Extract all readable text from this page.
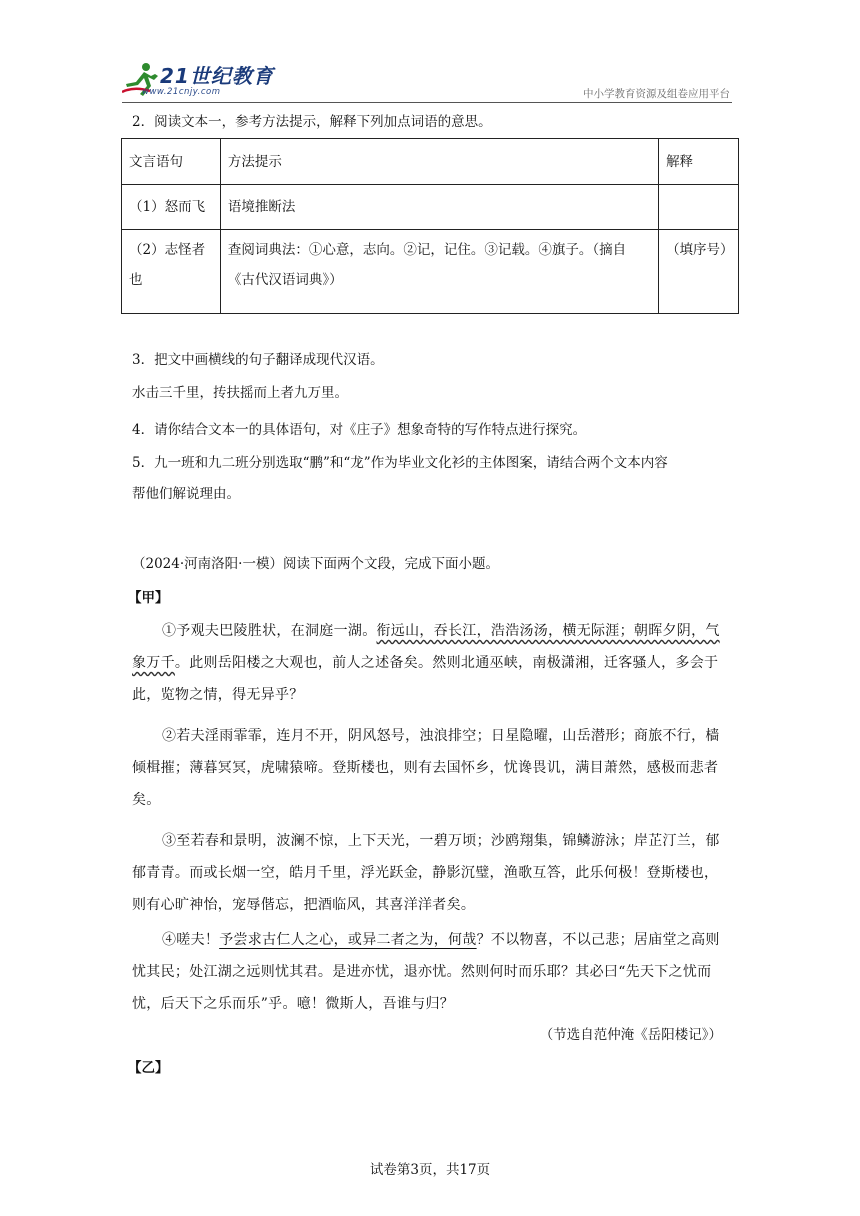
21世纪教育
www.21cnjy.com	中小学教育资源及组卷应用平台
2．阅读文本一，参考方法提示，解释下列加点词语的意思。
文言语句	方法提示	解释
（1）怒而飞	语境推断法	
（2）志怪者也	查阅词典法：①心意，志向。②记，记住。③记载。④旗子。（摘自《古代汉语词典》）	（填序号）
3．把文中画横线的句子翻译成现代汉语。
水击三千里，抟扶摇而上者九万里。
4．请你结合文本一的具体语句，对《庄子》想象奇特的写作特点进行探究。
5．九一班和九二班分别选取“鹏”和“龙”作为毕业文化衫的主体图案，请结合两个文本内容
帮他们解说理由。
（2024·河南洛阳·一模）阅读下面两个文段，完成下面小题。
【甲】
①予观夫巴陵胜状，在洞庭一湖。衔远山，吞长江，浩浩汤汤，横无际涯；朝晖夕阴，气象万千。此则岳阳楼之大观也，前人之述备矣。然则北通巫峡，南极潇湘，迁客骚人，多会于此，览物之情，得无异乎？
②若夫淫雨霏霏，连月不开，阴风怒号，浊浪排空；日星隐曜，山岳潜形；商旅不行，樯倾楫摧；薄暮冥冥，虎啸猿啼。登斯楼也，则有去国怀乡，忧谗畏讥，满目萧然，感极而悲者矣。
③至若春和景明，波澜不惊，上下天光，一碧万顷；沙鸥翔集，锦鳞游泳；岸芷汀兰，郁郁青青。而或长烟一空，皓月千里，浮光跃金，静影沉璧，渔歌互答，此乐何极！登斯楼也，则有心旷神怡，宠辱偕忘，把酒临风，其喜洋洋者矣。
④嗟夫！予尝求古仁人之心，或异二者之为，何哉？不以物喜，不以己悲；居庙堂之高则忧其民；处江湖之远则忧其君。是进亦忧，退亦忧。然则何时而乐耶？其必曰“先天下之忧而忧，后天下之乐而乐”乎。噫！微斯人，吾谁与归？
（节选自范仲淹《岳阳楼记》）
【乙】
试卷第3页，共17页
